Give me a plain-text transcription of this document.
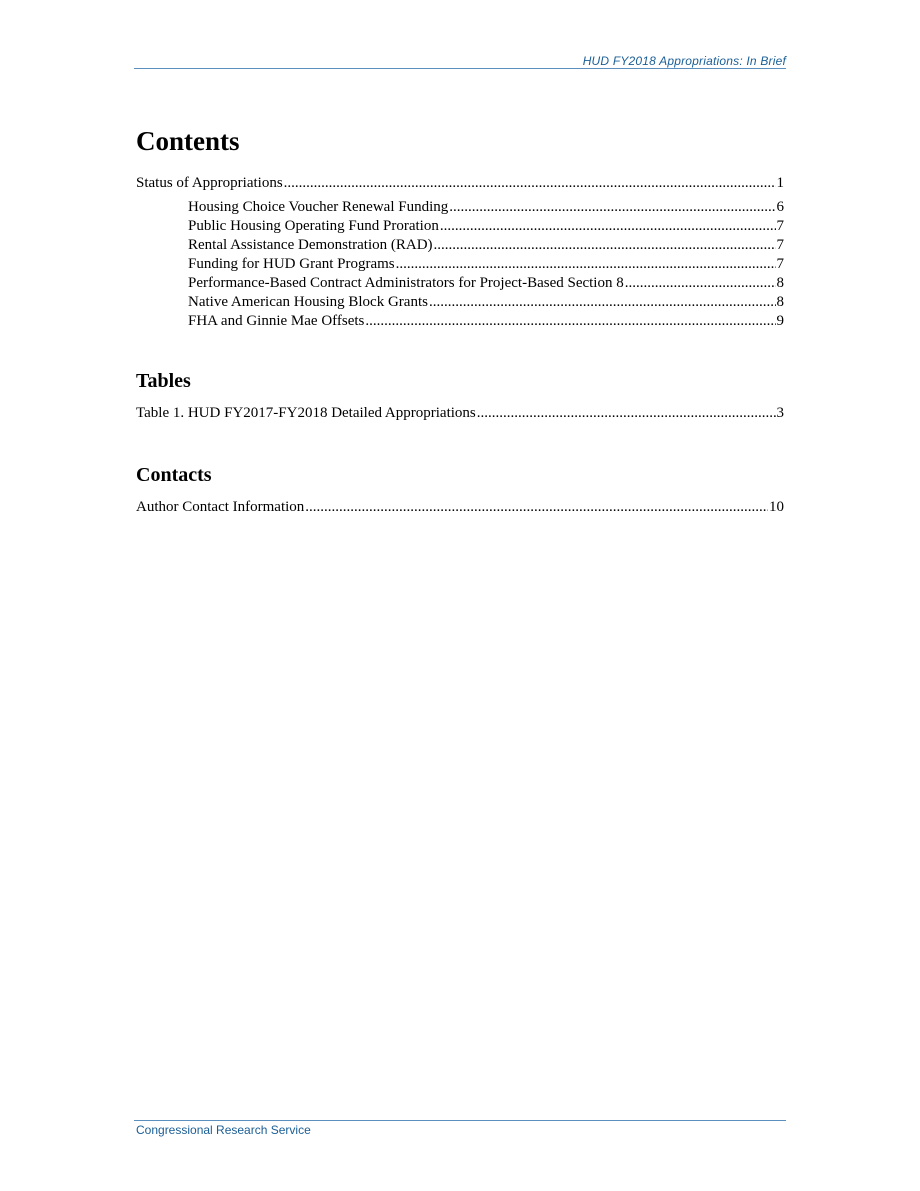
HUD FY2018 Appropriations: In Brief
Contents
Status of Appropriations .....	1
Housing Choice Voucher Renewal Funding .....	6
Public Housing Operating Fund Proration .....	7
Rental Assistance Demonstration (RAD) .....	7
Funding for HUD Grant Programs .....	7
Performance-Based Contract Administrators for Project-Based Section 8 .....	8
Native American Housing Block Grants .....	8
FHA and Ginnie Mae Offsets .....	9
Tables
Table 1. HUD FY2017-FY2018 Detailed Appropriations .....	3
Contacts
Author Contact Information .....	10
Congressional Research Service
